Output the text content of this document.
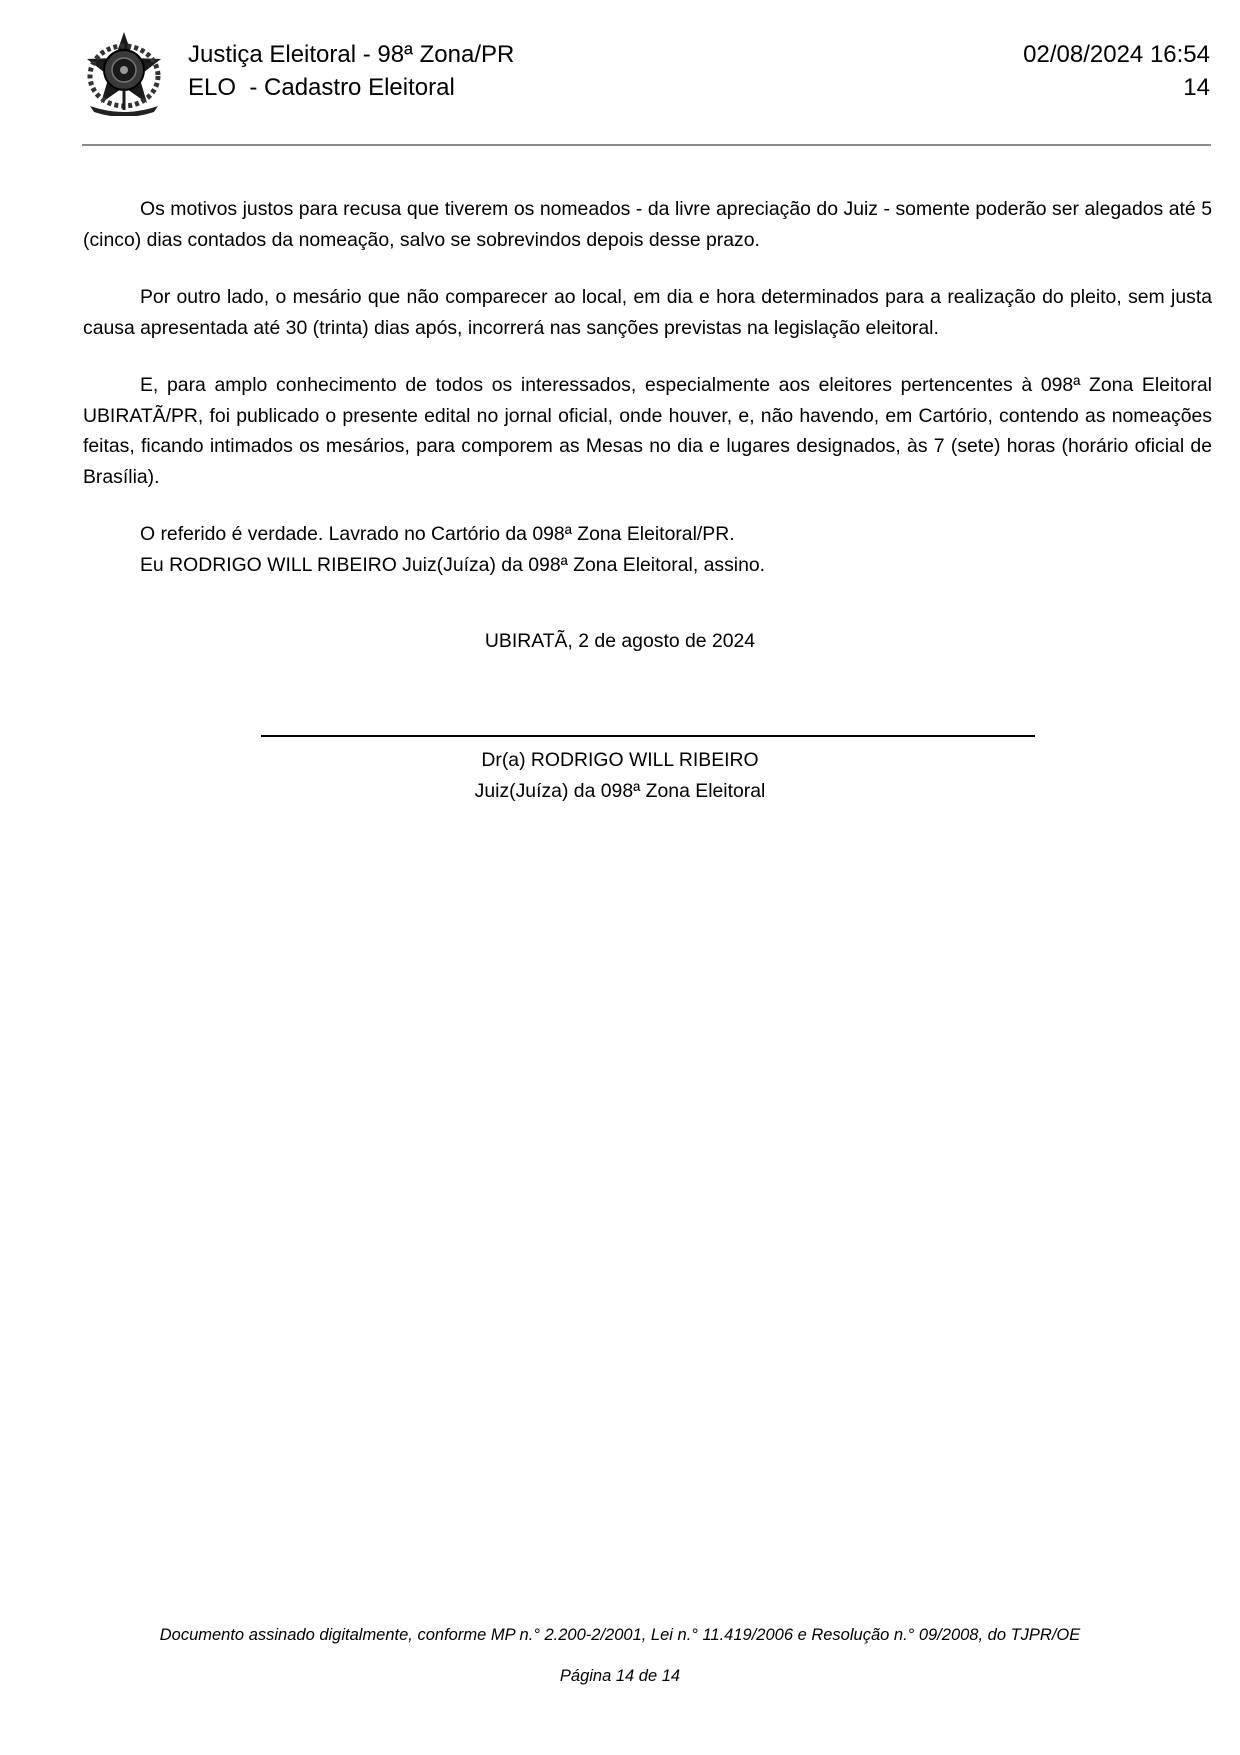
Justiça Eleitoral - 98ª Zona/PR
ELO  - Cadastro Eleitoral
02/08/2024 16:54
14

Os motivos justos para recusa que tiverem os nomeados - da livre apreciação do Juiz - somente poderão ser alegados até 5 (cinco) dias contados da nomeação, salvo se sobrevindos depois desse prazo.

Por outro lado, o mesário que não comparecer ao local, em dia e hora determinados para a realização do pleito, sem justa causa apresentada até 30 (trinta) dias após, incorrerá nas sanções previstas na legislação eleitoral.

E, para amplo conhecimento de todos os interessados, especialmente aos eleitores pertencentes à 098ª Zona Eleitoral UBIRATÃ/PR, foi publicado o presente edital no jornal oficial, onde houver, e, não havendo, em Cartório, contendo as nomeações feitas, ficando intimados os mesários, para comporem as Mesas no dia e lugares designados, às 7 (sete) horas (horário oficial de Brasília).

O referido é verdade. Lavrado no Cartório da 098ª Zona Eleitoral/PR.
Eu RODRIGO WILL RIBEIRO Juiz(Juíza) da 098ª Zona Eleitoral, assino.
UBIRATÃ, 2 de agosto de 2024
Dr(a) RODRIGO WILL RIBEIRO
Juiz(Juíza) da 098ª Zona Eleitoral
Documento assinado digitalmente, conforme MP n.° 2.200-2/2001, Lei n.° 11.419/2006 e Resolução n.° 09/2008, do TJPR/OE
Página 14 de 14
